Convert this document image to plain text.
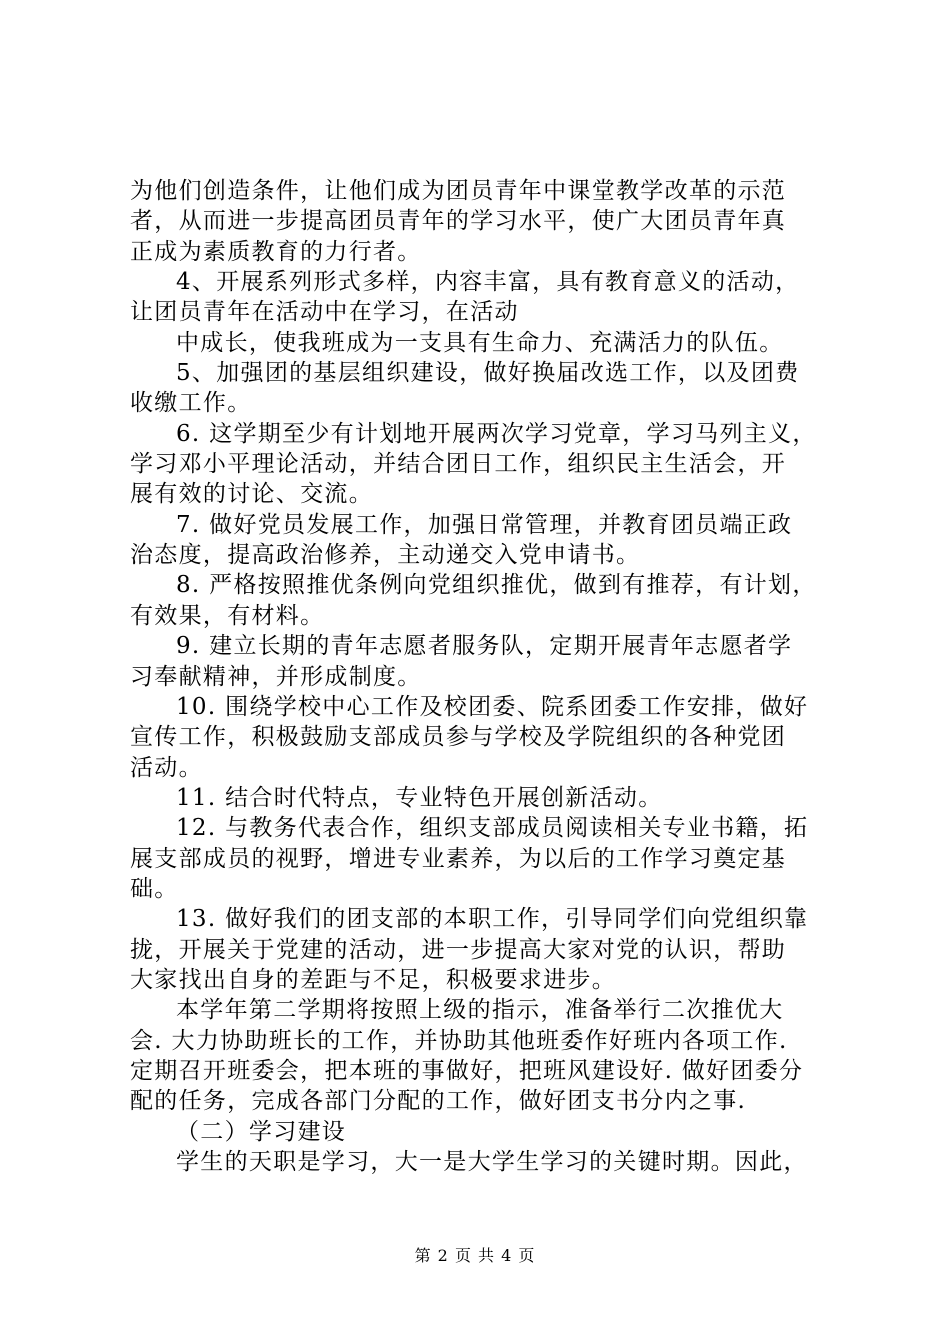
为他们创造条件，让他们成为团员青年中课堂教学改革的示范
者，从而进一步提高团员青年的学习水平，使广大团员青年真
正成为素质教育的力行者。
4、开展系列形式多样，内容丰富，具有教育意义的活动，
让团员青年在活动中在学习，在活动
中成长，使我班成为一支具有生命力、充满活力的队伍。
5、加强团的基层组织建设，做好换届改选工作，以及团费
收缴工作。
6. 这学期至少有计划地开展两次学习党章，学习马列主义，
学习邓小平理论活动，并结合团日工作，组织民主生活会，开
展有效的讨论、交流。
7. 做好党员发展工作，加强日常管理，并教育团员端正政
治态度，提高政治修养，主动递交入党申请书。
8. 严格按照推优条例向党组织推优，做到有推荐，有计划，
有效果，有材料。
9. 建立长期的青年志愿者服务队，定期开展青年志愿者学
习奉献精神，并形成制度。
10. 围绕学校中心工作及校团委、院系团委工作安排，做好
宣传工作，积极鼓励支部成员参与学校及学院组织的各种党团
活动。
11. 结合时代特点，专业特色开展创新活动。
12. 与教务代表合作，组织支部成员阅读相关专业书籍，拓
展支部成员的视野，增进专业素养，为以后的工作学习奠定基
础。
13. 做好我们的团支部的本职工作，引导同学们向党组织靠
拢，开展关于党建的活动，进一步提高大家对党的认识，帮助
大家找出自身的差距与不足，积极要求进步。
本学年第二学期将按照上级的指示，准备举行二次推优大
会. 大力协助班长的工作，并协助其他班委作好班内各项工作.
定期召开班委会，把本班的事做好，把班风建设好. 做好团委分
配的任务，完成各部门分配的工作，做好团支书分内之事.
（二）学习建设
学生的天职是学习，大一是大学生学习的关键时期。因此，
第 2 页 共 4 页
